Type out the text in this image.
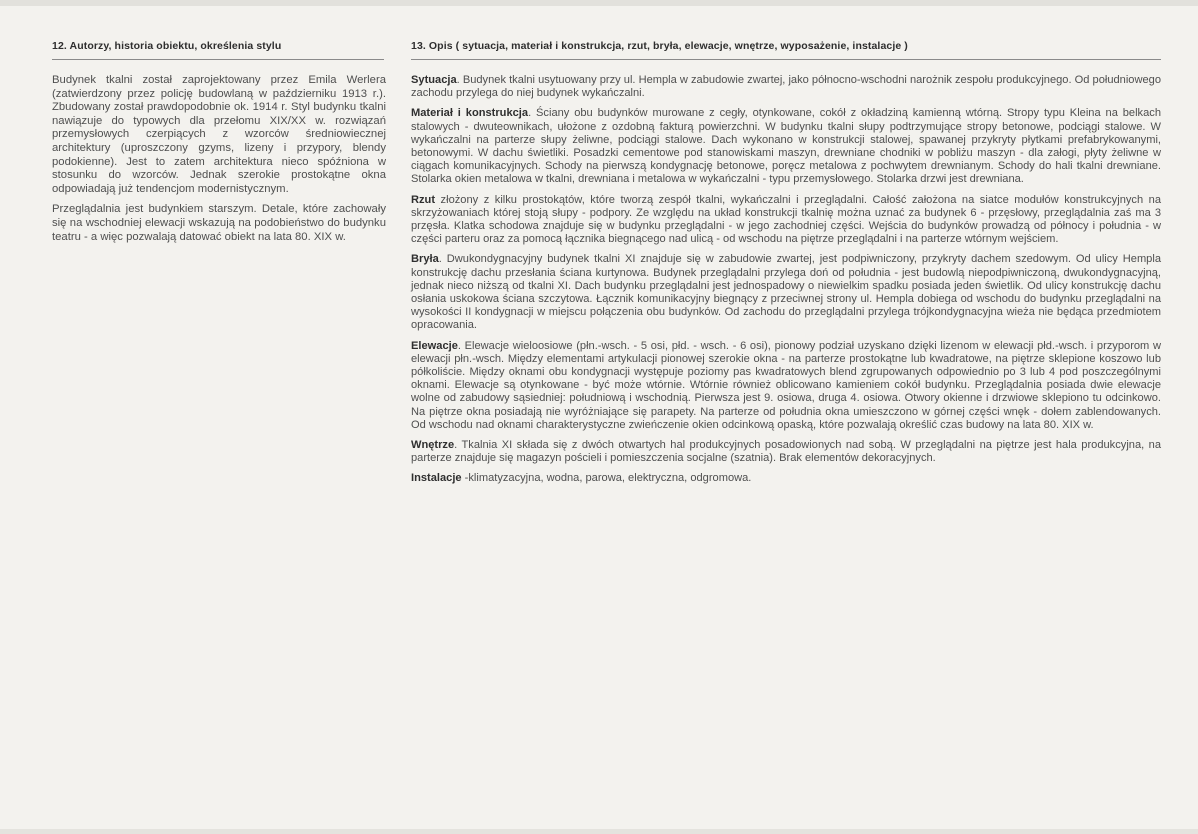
12. Autorzy, historia obiektu, określenia stylu

Budynek tkalni został zaprojektowany przez Emila Werlera (zatwierdzony przez policję budowlaną w październiku 1913 r.). Zbudowany został prawdopodobnie ok. 1914 r. Styl budynku tkalni nawiązuje do typowych dla przełomu XIX/XX w. rozwiązań przemysłowych czerpiących z wzorców średniowiecznej architektury (uproszczony gzyms, lizeny i przypory, blendy podokienne). Jest to zatem architektura nieco spóźniona w stosunku do wzorców. Jednak szerokie prostokątne okna odpowiadają już tendencjom modernistycznym.

Przeglądalnia jest budynkiem starszym. Detale, które zachowały się na wschodniej elewacji wskazują na podobieństwo do budynku teatru - a więc pozwalają datować obiekt na lata 80. XIX w.

13. Opis ( sytuacja, materiał i konstrukcja, rzut, bryła, elewacje, wnętrze, wyposażenie, instalacje )

Sytuacja. Budynek tkalni usytuowany przy ul. Hempla w zabudowie zwartej, jako północno-wschodni narożnik zespołu produkcyjnego. Od południowego zachodu przylega do niej budynek wykańczalni.

Materiał i konstrukcja. Ściany obu budynków murowane z cegły, otynkowane, cokół z okładziną kamienną wtórną. Stropy typu Kleina na belkach stalowych - dwuteownikach, ułożone z ozdobną fakturą powierzchni. W budynku tkalni słupy podtrzymujące stropy betonowe, podciągi stalowe. W wykańczalni na parterze słupy żeliwne, podciągi stalowe. Dach wykonano w konstrukcji stalowej, spawanej przykryty płytkami prefabrykowanymi, betonowymi. W dachu świetliki. Posadzki cementowe pod stanowiskami maszyn, drewniane chodniki w pobliżu maszyn - dla załogi, płyty żeliwne w ciągach komunikacyjnych. Schody na pierwszą kondygnację betonowe, poręcz metalowa z pochwytem drewnianym. Schody do hali tkalni drewniane. Stolarka okien metalowa w tkalni, drewniana i metalowa w wykańczalni - typu przemysłowego. Stolarka drzwi jest drewniana.

Rzut złożony z kilku prostokątów, które tworzą zespół tkalni, wykańczalni i przeglądalni. Całość założona na siatce modułów konstrukcyjnych na skrzyżowaniach której stoją słupy - podpory. Ze względu na układ konstrukcji tkalnię można uznać za budynek 6 - przęsłowy, przeglądalnia zaś ma 3 przęsła. Klatka schodowa znajduje się w budynku przeglądalni - w jego zachodniej części. Wejścia do budynków prowadzą od północy i południa - w części parteru oraz za pomocą łącznika biegnącego nad ulicą - od wschodu na piętrze przeglądalni i na parterze wtórnym wejściem.

Bryła. Dwukondygnacyjny budynek tkalni XI znajduje się w zabudowie zwartej, jest podpiwniczony, przykryty dachem szedowym. Od ulicy Hempla konstrukcję dachu przesłania ściana kurtynowa. Budynek przeglądalni przylega doń od południa - jest budowlą niepodpiwniczoną, dwukondygnacyjną, jednak nieco niższą od tkalni XI. Dach budynku przeglądalni jest jednospadowy o niewielkim spadku posiada jeden świetlik. Od ulicy konstrukcję dachu osłania uskokowa ściana szczytowa. Łącznik komunikacyjny biegnący z przeciwnej strony ul. Hempla dobiega od wschodu do budynku przeglądalni na wysokości II kondygnacji w miejscu połączenia obu budynków. Od zachodu do przeglądalni przylega trójkondygnacyjna wieża nie będąca przedmiotem opracowania.

Elewacje. Elewacje wieloosiowe (płn.-wsch. - 5 osi, płd. - wsch. - 6 osi), pionowy podział uzyskano dzięki lizenom w elewacji płd.-wsch. i przyporom w elewacji płn.-wsch. Między elementami artykulacji pionowej szerokie okna - na parterze prostokątne lub kwadratowe, na piętrze sklepione koszowo lub półkoliście. Między oknami obu kondygnacji występuje poziomy pas kwadratowych blend zgrupowanych odpowiednio po 3 lub 4 pod poszczególnymi oknami. Elewacje są otynkowane - być może wtórnie. Wtórnie również oblicowano kamieniem cokół budynku. Przeglądalnia posiada dwie elewacje wolne od zabudowy sąsiedniej: południową i wschodnią. Pierwsza jest 9. osiowa, druga 4. osiowa. Otwory okienne i drzwiowe sklepiono tu odcinkowo. Na piętrze okna posiadają nie wyróżniające się parapety. Na parterze od południa okna umieszczono w górnej części wnęk - dołem zablendowanych. Od wschodu nad oknami charakterystyczne zwieńczenie okien odcinkową opaską, które pozwalają określić czas budowy na lata 80. XIX w.

Wnętrze. Tkalnia XI składa się z dwóch otwartych hal produkcyjnych posadowionych nad sobą. W przeglądalni na piętrze jest hala produkcyjna, na parterze znajduje się magazyn pościeli i pomieszczenia socjalne (szatnia). Brak elementów dekoracyjnych.

Instalacje -klimatyzacyjna, wodna, parowa, elektryczna, odgromowa.
